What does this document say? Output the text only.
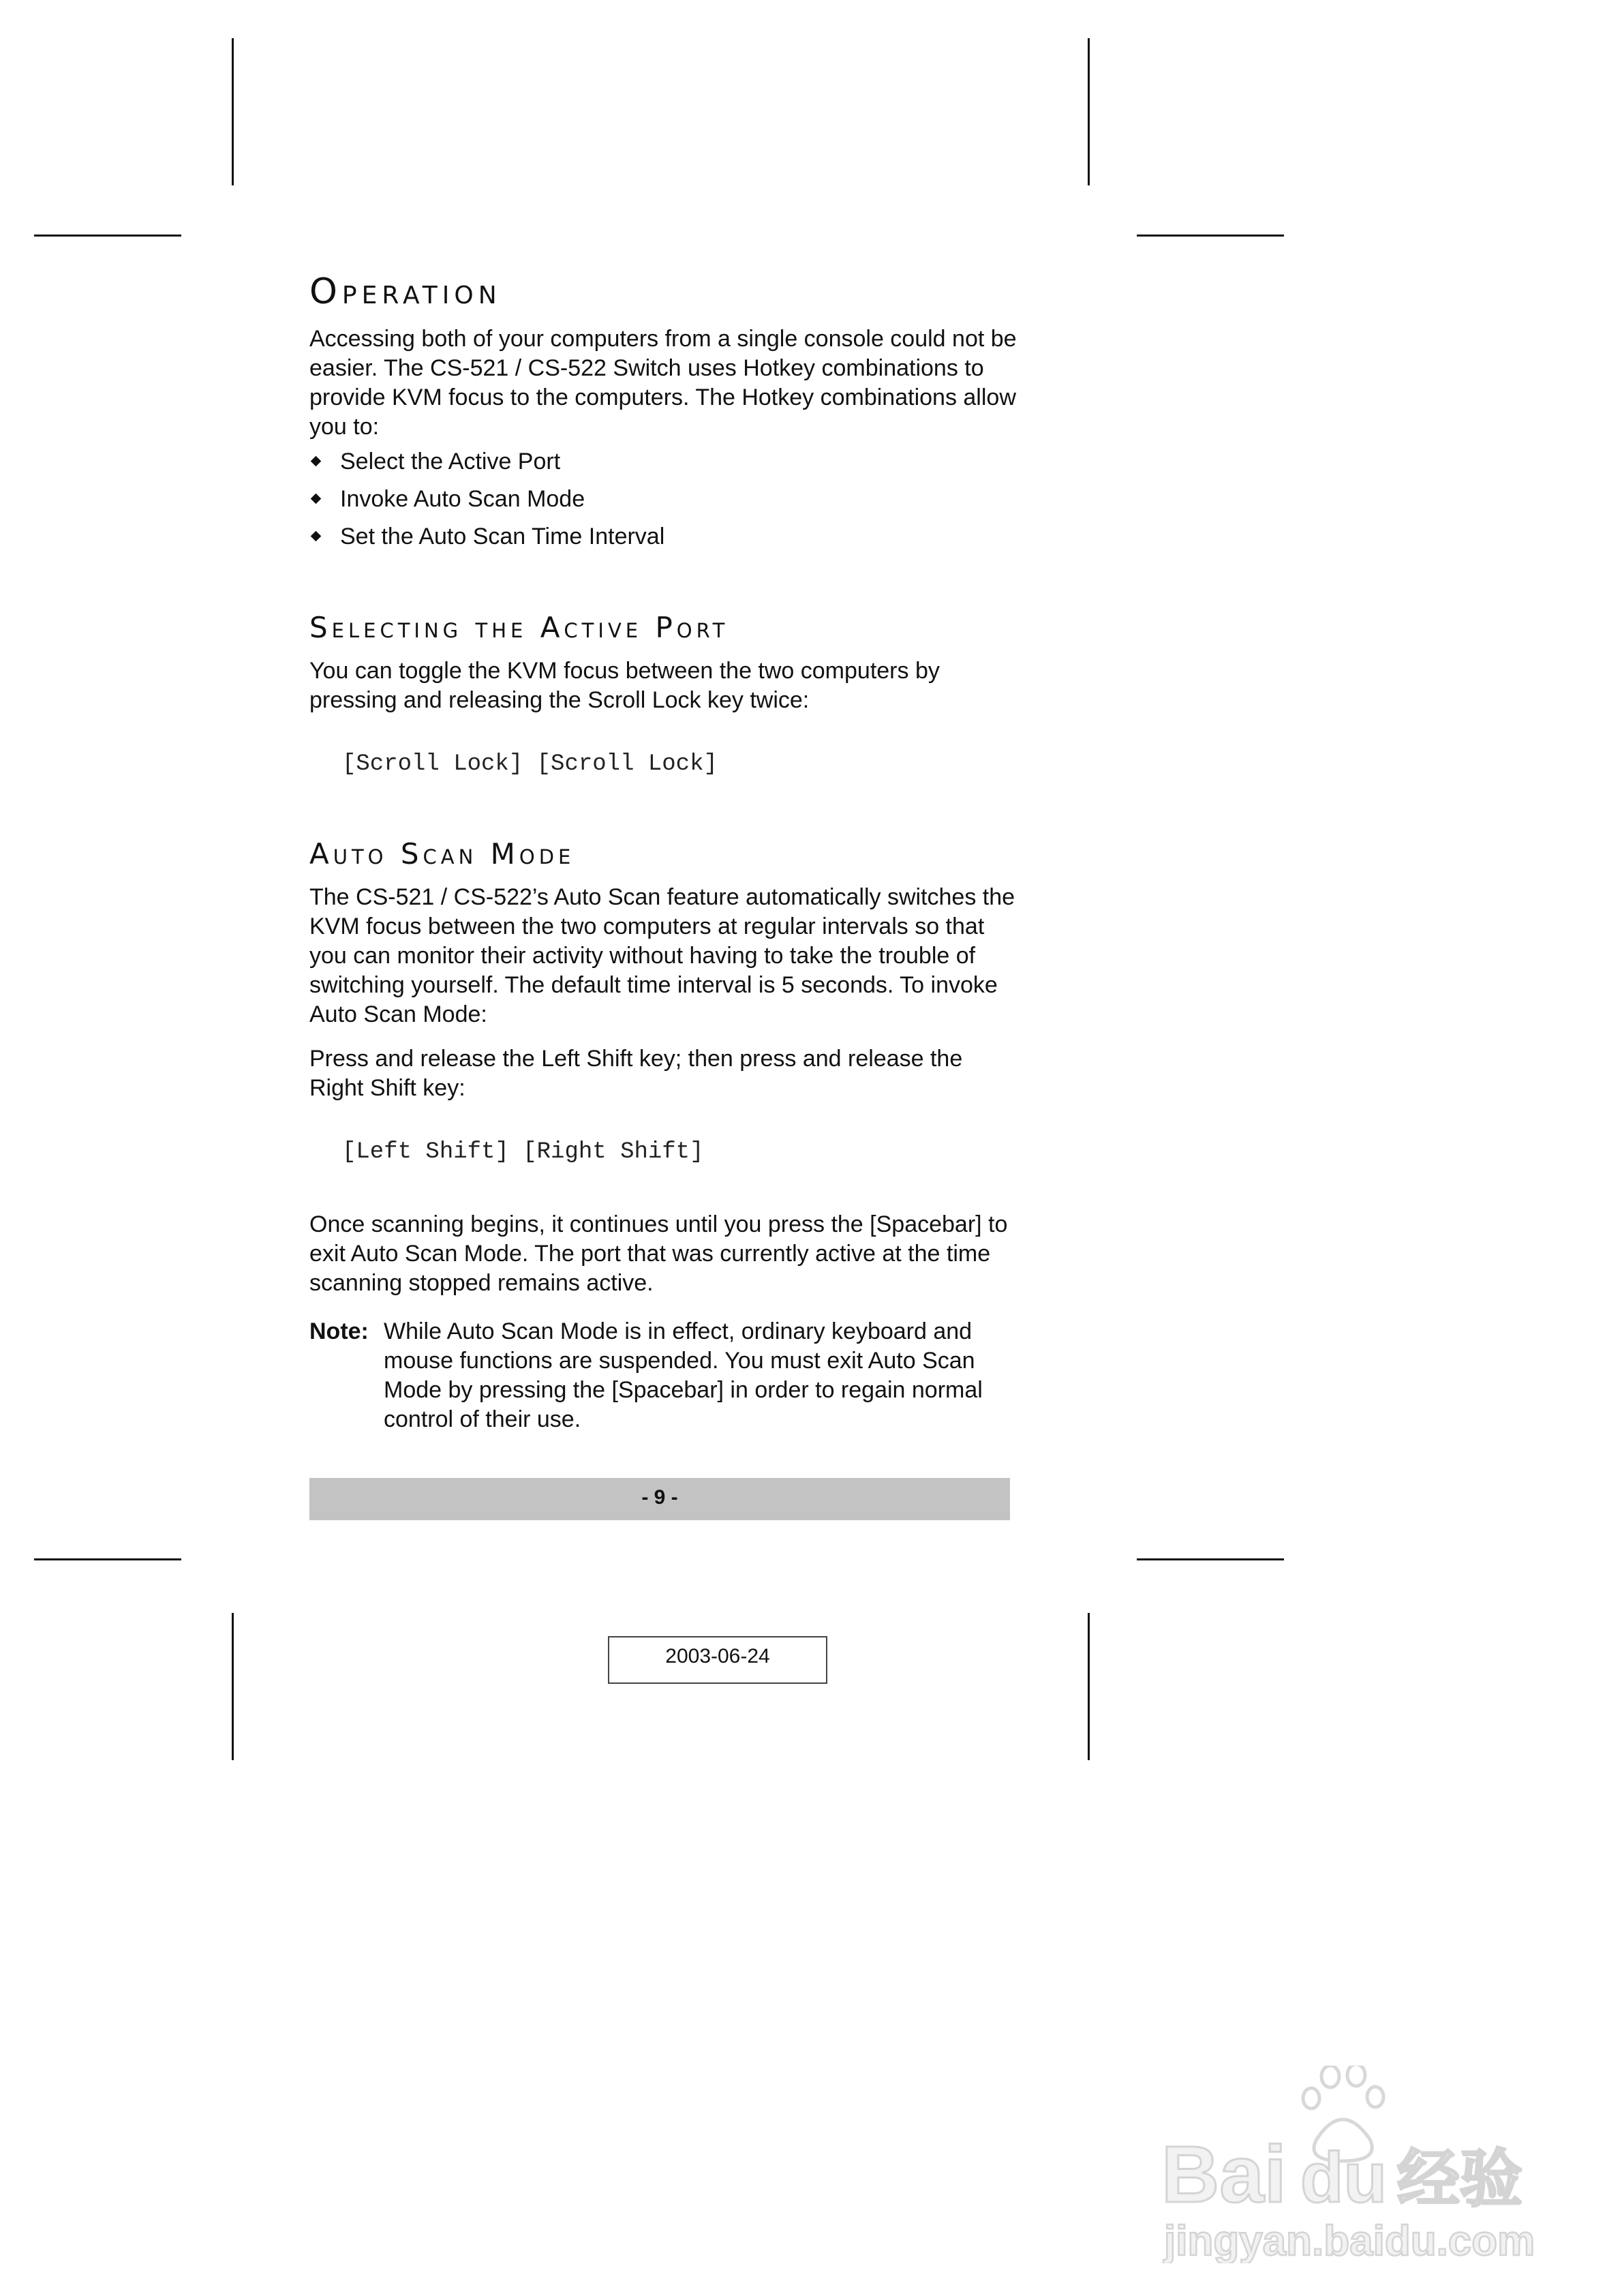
Operation

Accessing both of your computers from a single console could not be easier. The CS-521 / CS-522 Switch uses Hotkey combinations to provide KVM focus to the computers. The Hotkey combinations allow you to:

Select the Active Port
Invoke Auto Scan Mode
Set the Auto Scan Time Interval
Selecting the Active Port

You can toggle the KVM focus between the two computers by pressing and releasing the Scroll Lock key twice:

[Scroll Lock] [Scroll Lock]
Auto Scan Mode

The CS-521 / CS-522’s Auto Scan feature automatically switches the KVM focus between the two computers at regular intervals so that you can monitor their activity without having to take the trouble of switching yourself. The default time interval is 5 seconds. To invoke Auto Scan Mode:

Press and release the Left Shift key; then press and release the Right Shift key:

[Left Shift] [Right Shift]

Once scanning begins, it continues until you press the [Spacebar] to exit Auto Scan Mode. The port that was currently active at the time scanning stopped remains active.

Note: While Auto Scan Mode is in effect, ordinary keyboard and mouse functions are suspended. You must exit Auto Scan Mode by pressing the [Spacebar] in order to regain normal control of their use.

- 9 -
2003-06-24
Bai du 经验
jingyan.baidu.com
